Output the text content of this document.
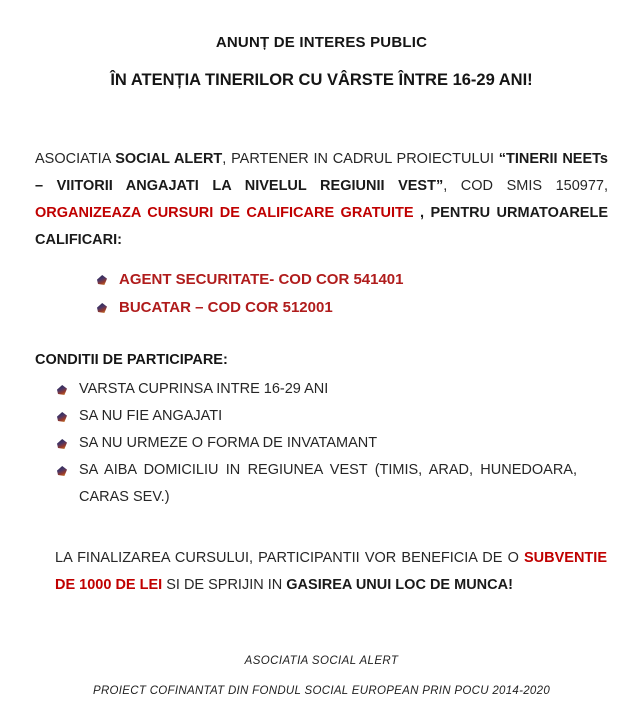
ANUNȚ DE INTERES PUBLIC
ÎN ATENȚIA TINERILOR CU VÂRSTE ÎNTRE 16-29 ANI!

ASOCIATIA SOCIAL ALERT, PARTENER IN CADRUL PROIECTULUI “TINERII NEETs – VIITORII ANGAJATI LA NIVELUL REGIUNII VEST”, COD SMIS 150977, ORGANIZEAZA CURSURI DE CALIFICARE GRATUITE , PENTRU URMATOARELE CALIFICARI:

AGENT SECURITATE- COD COR 541401
BUCATAR – COD COR 512001
CONDITII DE PARTICIPARE:
VARSTA CUPRINSA INTRE 16-29 ANI
SA NU FIE ANGAJATI
SA NU URMEZE O FORMA DE INVATAMANT
SA AIBA DOMICILIU IN REGIUNEA VEST (TIMIS, ARAD, HUNEDOARA, CARAS SEV.)

LA FINALIZAREA CURSULUI, PARTICIPANTII VOR BENEFICIA DE O SUBVENTIE DE 1000 DE LEI SI DE SPRIJIN IN GASIREA UNUI LOC DE MUNCA!

ASOCIATIA SOCIAL ALERT
PROIECT COFINANTAT DIN FONDUL SOCIAL EUROPEAN PRIN POCU 2014-2020
